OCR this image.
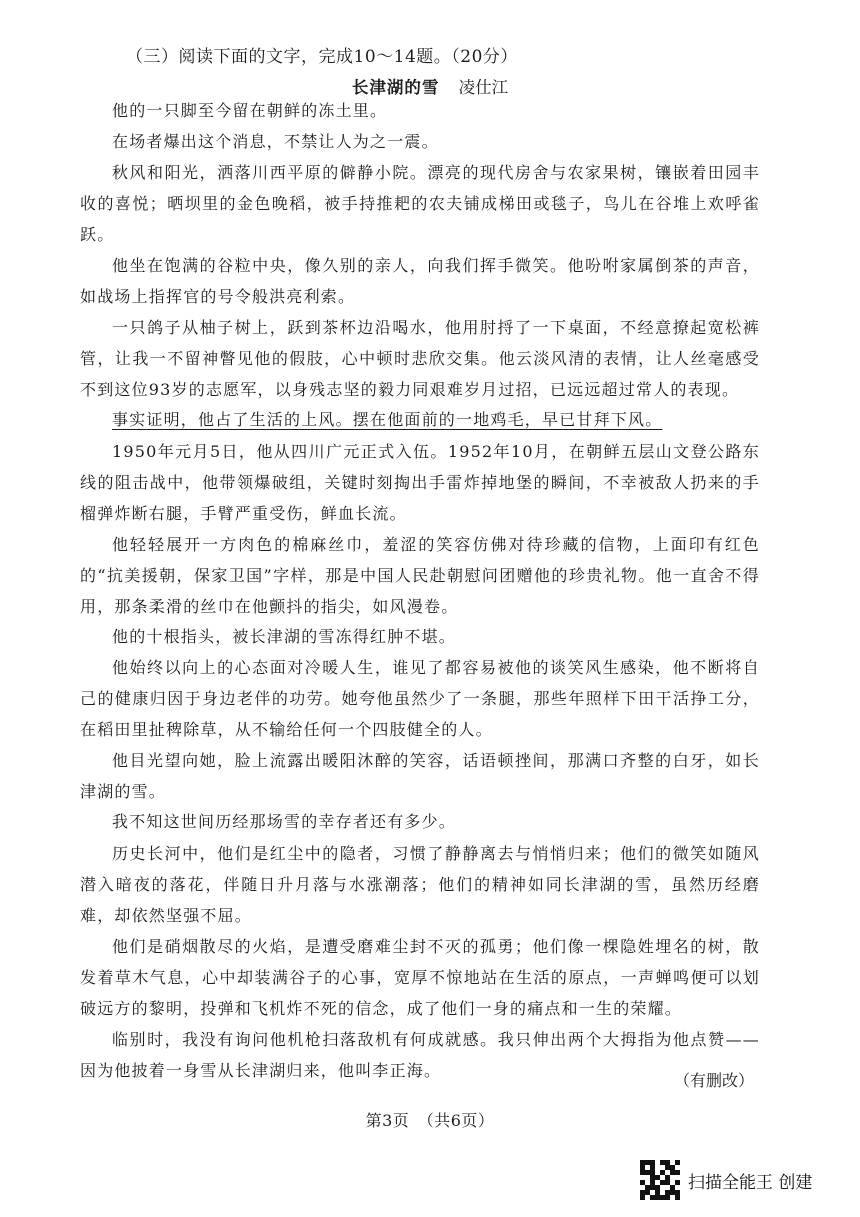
（三）阅读下面的文字，完成10～14题。（20分）
长津湖的雪 凌仕江

他的一只脚至今留在朝鲜的冻土里。

在场者爆出这个消息，不禁让人为之一震。

秋风和阳光，洒落川西平原的僻静小院。漂亮的现代房舍与农家果树，镶嵌着田园丰收的喜悦；晒坝里的金色晚稻，被手持推耙的农夫铺成梯田或毯子，鸟儿在谷堆上欢呼雀跃。

他坐在饱满的谷粒中央，像久别的亲人，向我们挥手微笑。他吩咐家属倒茶的声音，如战场上指挥官的号令般洪亮利索。

一只鸽子从柚子树上，跃到茶杯边沿喝水，他用肘捋了一下桌面，不经意撩起宽松裤管，让我一不留神瞥见他的假肢，心中顿时悲欣交集。他云淡风清的表情，让人丝毫感受不到这位93岁的志愿军，以身残志坚的毅力同艰难岁月过招，已远远超过常人的表现。

事实证明，他占了生活的上风。摆在他面前的一地鸡毛，早已甘拜下风。

1950年元月5日，他从四川广元正式入伍。1952年10月，在朝鲜五层山文登公路东线的阻击战中，他带领爆破组，关键时刻掏出手雷炸掉地堡的瞬间，不幸被敌人扔来的手榴弹炸断右腿，手臂严重受伤，鲜血长流。

他轻轻展开一方肉色的棉麻丝巾，羞涩的笑容仿佛对待珍藏的信物，上面印有红色的“抗美援朝，保家卫国”字样，那是中国人民赴朝慰问团赠他的珍贵礼物。他一直舍不得用，那条柔滑的丝巾在他颤抖的指尖，如风漫卷。

他的十根指头，被长津湖的雪冻得红肿不堪。

他始终以向上的心态面对冷暖人生，谁见了都容易被他的谈笑风生感染，他不断将自己的健康归因于身边老伴的功劳。她夸他虽然少了一条腿，那些年照样下田干活挣工分，在稻田里扯稗除草，从不输给任何一个四肢健全的人。

他目光望向她，脸上流露出暖阳沐醉的笑容，话语顿挫间，那满口齐整的白牙，如长津湖的雪。

我不知这世间历经那场雪的幸存者还有多少。

历史长河中，他们是红尘中的隐者，习惯了静静离去与悄悄归来；他们的微笑如随风潜入暗夜的落花，伴随日升月落与水涨潮落；他们的精神如同长津湖的雪，虽然历经磨难，却依然坚强不屈。

他们是硝烟散尽的火焰，是遭受磨难尘封不灭的孤勇；他们像一棵隐姓埋名的树，散发着草木气息，心中却装满谷子的心事，宽厚不惊地站在生活的原点，一声蝉鸣便可以划破远方的黎明，投弹和飞机炸不死的信念，成了他们一身的痛点和一生的荣耀。

临别时，我没有询问他机枪扫落敌机有何成就感。我只伸出两个大拇指为他点赞——因为他披着一身雪从长津湖归来，他叫李正海。

（有删改）
第3页　（共6页）
扫描全能王 创建
